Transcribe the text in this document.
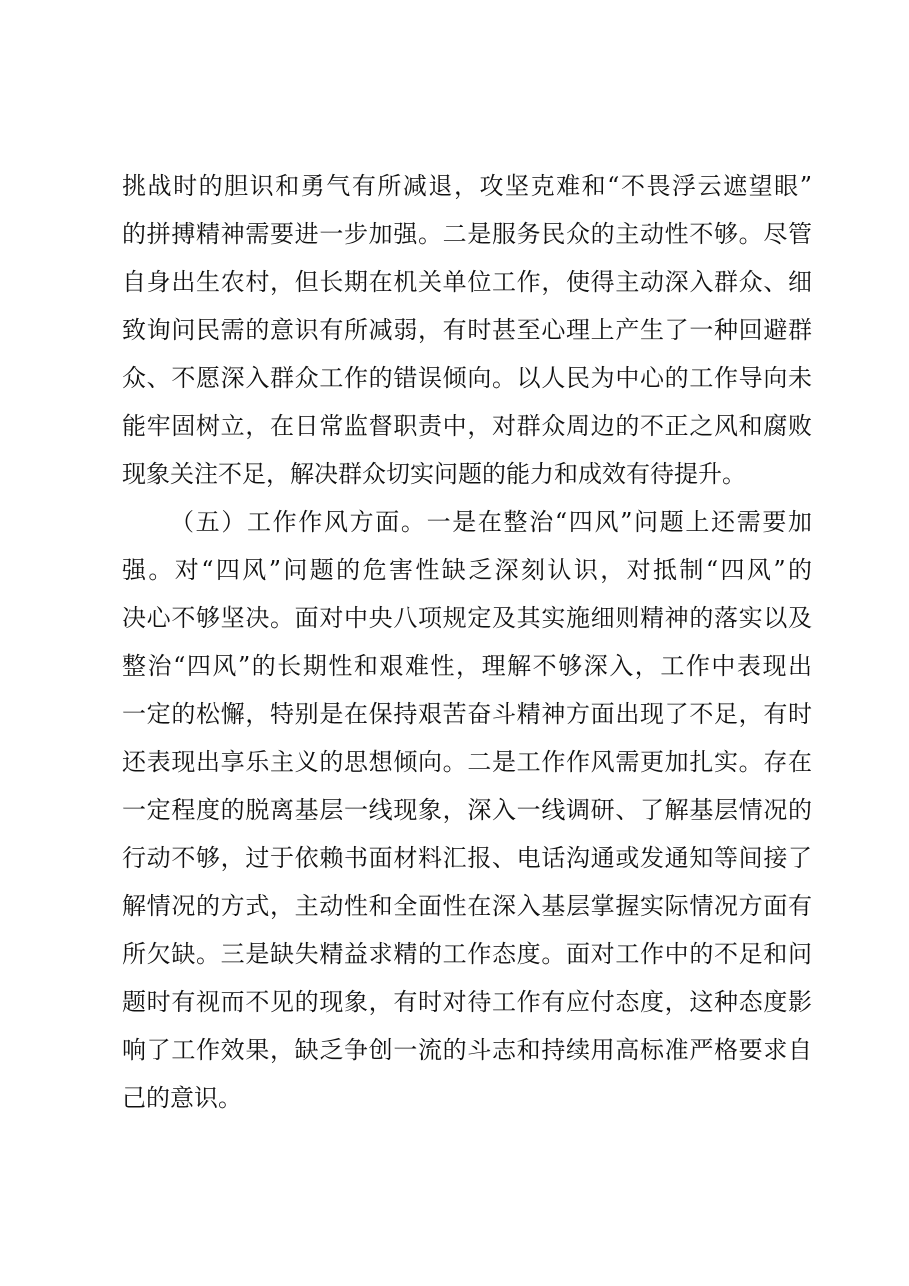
挑战时的胆识和勇气有所减退，攻坚克难和“不畏浮云遮望眼”
的拼搏精神需要进一步加强。二是服务民众的主动性不够。尽管
自身出生农村，但长期在机关单位工作，使得主动深入群众、细
致询问民需的意识有所减弱，有时甚至心理上产生了一种回避群
众、不愿深入群众工作的错误倾向。以人民为中心的工作导向未
能牢固树立，在日常监督职责中，对群众周边的不正之风和腐败
现象关注不足，解决群众切实问题的能力和成效有待提升。
（五）工作作风方面。一是在整治“四风”问题上还需要加
强。对“四风”问题的危害性缺乏深刻认识，对抵制“四风”的
决心不够坚决。面对中央八项规定及其实施细则精神的落实以及
整治“四风”的长期性和艰难性，理解不够深入，工作中表现出
一定的松懈，特别是在保持艰苦奋斗精神方面出现了不足，有时
还表现出享乐主义的思想倾向。二是工作作风需更加扎实。存在
一定程度的脱离基层一线现象，深入一线调研、了解基层情况的
行动不够，过于依赖书面材料汇报、电话沟通或发通知等间接了
解情况的方式，主动性和全面性在深入基层掌握实际情况方面有
所欠缺。三是缺失精益求精的工作态度。面对工作中的不足和问
题时有视而不见的现象，有时对待工作有应付态度，这种态度影
响了工作效果，缺乏争创一流的斗志和持续用高标准严格要求自
己的意识。
